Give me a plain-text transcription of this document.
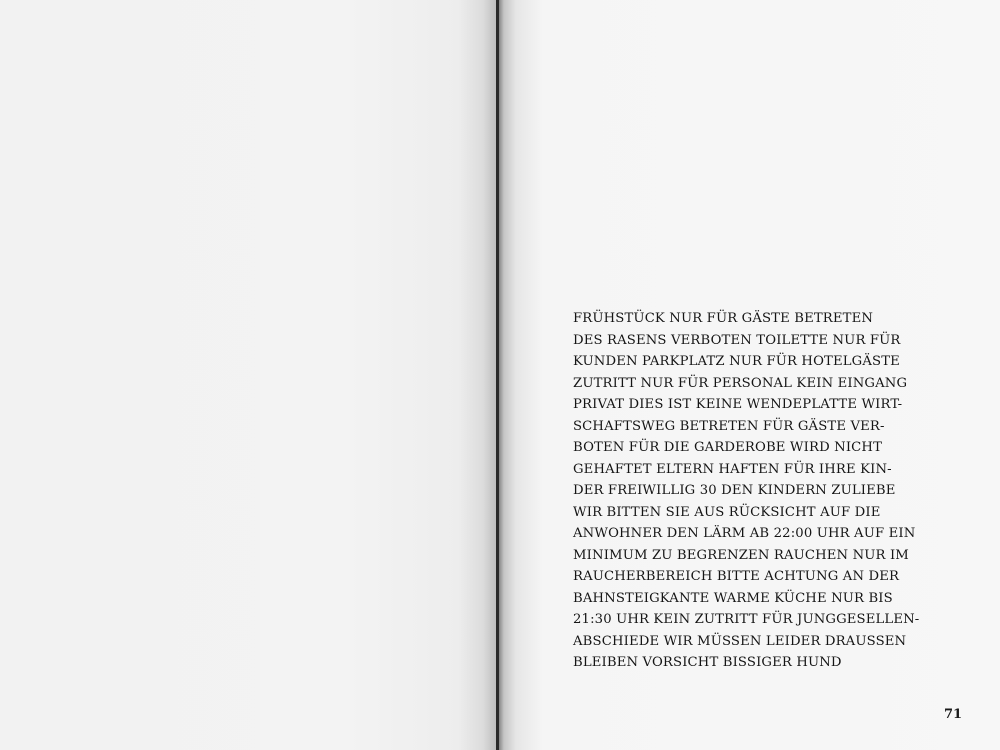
FRÜHSTÜCK NUR FÜR GÄSTE BETRETEN
DES RASENS VERBOTEN TOILETTE NUR FÜR
KUNDEN PARKPLATZ NUR FÜR HOTELGÄSTE
ZUTRITT NUR FÜR PERSONAL KEIN EINGANG
PRIVAT DIES IST KEINE WENDEPLATTE WIRT-
SCHAFTSWEG BETRETEN FÜR GÄSTE VER-
BOTEN FÜR DIE GARDEROBE WIRD NICHT
GEHAFTET ELTERN HAFTEN FÜR IHRE KIN-
DER FREIWILLIG 30 DEN KINDERN ZULIEBE
WIR BITTEN SIE AUS RÜCKSICHT AUF DIE
ANWOHNER DEN LÄRM AB 22:00 UHR AUF EIN
MINIMUM ZU BEGRENZEN RAUCHEN NUR IM
RAUCHERBEREICH BITTE ACHTUNG AN DER
BAHNSTEIGKANTE WARME KÜCHE NUR BIS
21:30 UHR KEIN ZUTRITT FÜR JUNGGESELLEN-
ABSCHIEDE WIR MÜSSEN LEIDER DRAUSSEN
BLEIBEN VORSICHT BISSIGER HUND
71
